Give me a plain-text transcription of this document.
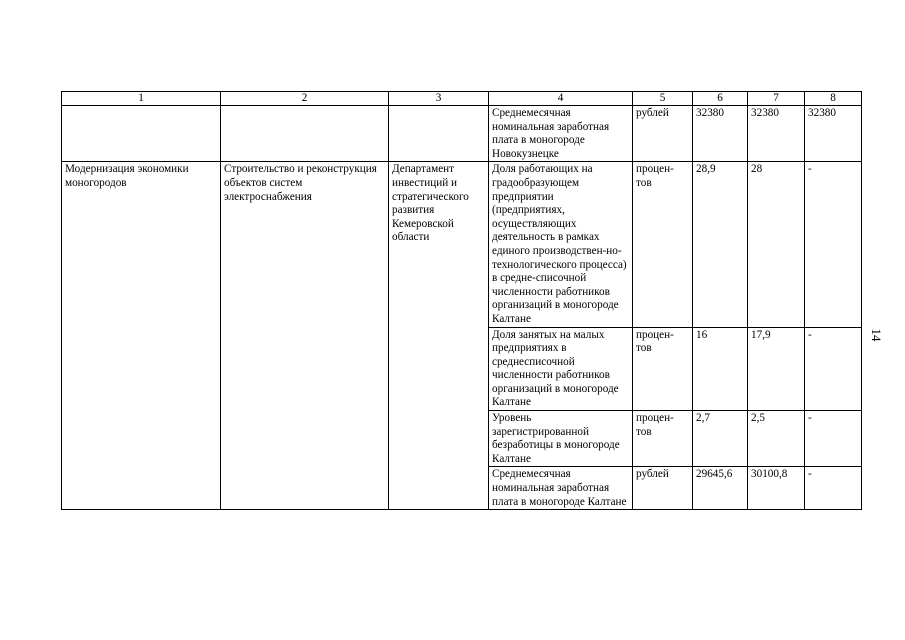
1	2	3	4	5	6	7	8
			Среднемесячная номинальная заработная плата в моногороде Новокузнецке	рублей	32380	32380	32380
Модернизация экономики моногородов	Строительство и реконструкция объектов систем электроснабжения	Департамент инвестиций и стратегического развития Кемеровской области	Доля работающих на градообразующем предприятии (предприятиях, осуществляющих деятельность в рамках единого производствен-но-технологического процесса) в средне-списочной численности работников организаций в моногороде Калтане	процен-тов	28,9	28	-
			Доля занятых на малых предприятиях в среднесписочной численности работников организаций в моногороде Калтане	процен-тов	16	17,9	-
			Уровень зарегистрированной безработицы в моногороде Калтане	процен-тов	2,7	2,5	-
			Среднемесячная номинальная заработная плата в моногороде Калтане	рублей	29645,6	30100,8	-
14
